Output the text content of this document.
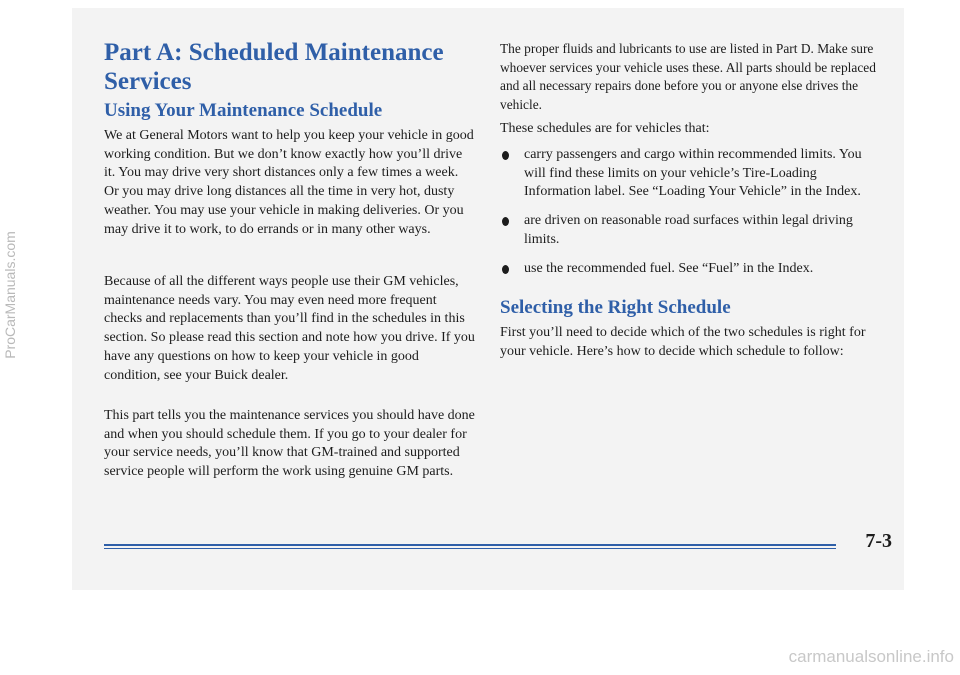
Part A: Scheduled Maintenance Services
Using Your Maintenance Schedule

We at General Motors want to help you keep your vehicle in good working condition. But we don’t know exactly how you’ll drive it. You may drive very short distances only a few times a week. Or you may drive long distances all the time in very hot, dusty weather. You may use your vehicle in making deliveries. Or you may drive it to work, to do errands or in many other ways.

Because of all the different ways people use their GM vehicles, maintenance needs vary. You may even need more frequent checks and replacements than you’ll find in the schedules in this section. So please read this section and note how you drive. If you have any questions on how to keep your vehicle in good condition, see your Buick dealer.

This part tells you the maintenance services you should have done and when you should schedule them. If you go to your dealer for your service needs, you’ll know that GM-trained and supported service people will perform the work using genuine GM parts.

The proper fluids and lubricants to use are listed in Part D. Make sure whoever services your vehicle uses these. All parts should be replaced and all necessary repairs done before you or anyone else drives the vehicle.

These schedules are for vehicles that:

carry passengers and cargo within recommended limits. You will find these limits on your vehicle’s Tire-Loading Information label. See “Loading Your Vehicle” in the Index.
are driven on reasonable road surfaces within legal driving limits.
use the recommended fuel. See “Fuel” in the Index.
Selecting the Right Schedule

First you’ll need to decide which of the two schedules is right for your vehicle. Here’s how to decide which schedule to follow:

7-3

ProCarManuals.com

carmanualsonline.info
